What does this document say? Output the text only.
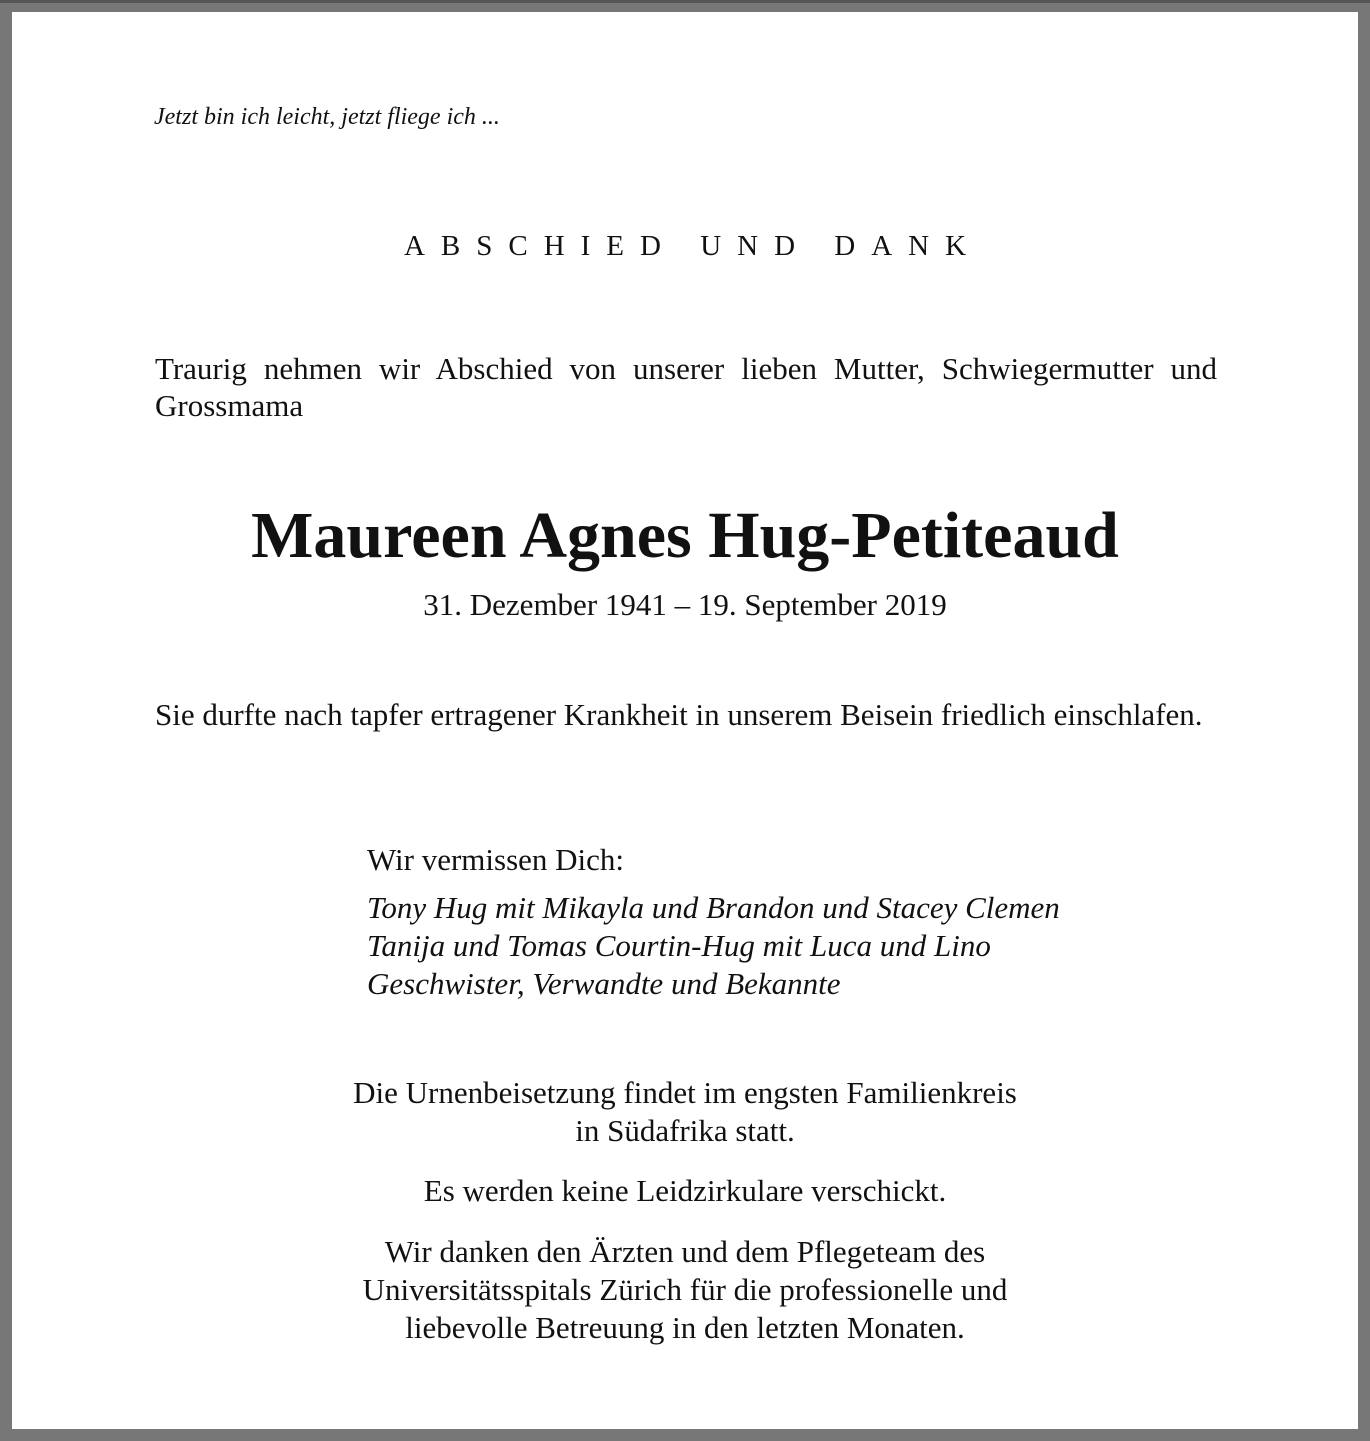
Jetzt bin ich leicht, jetzt fliege ich ...
ABSCHIED UND DANK
Traurig nehmen wir Abschied von unserer lieben Mutter, Schwiegermutter und Grossmama
Maureen Agnes Hug-Petiteaud
31. Dezember 1941 – 19. September 2019
Sie durfte nach tapfer ertragener Krankheit in unserem Beisein friedlich einschlafen.
Wir vermissen Dich:
Tony Hug mit Mikayla und Brandon und Stacey Clemen
Tanija und Tomas Courtin-Hug mit Luca und Lino
Geschwister, Verwandte und Bekannte
Die Urnenbeisetzung findet im engsten Familienkreis
in Südafrika statt.
Es werden keine Leidzirkulare verschickt.
Wir danken den Ärzten und dem Pflegeteam des
Universitätsspitals Zürich für die professionelle und
liebevolle Betreuung in den letzten Monaten.
